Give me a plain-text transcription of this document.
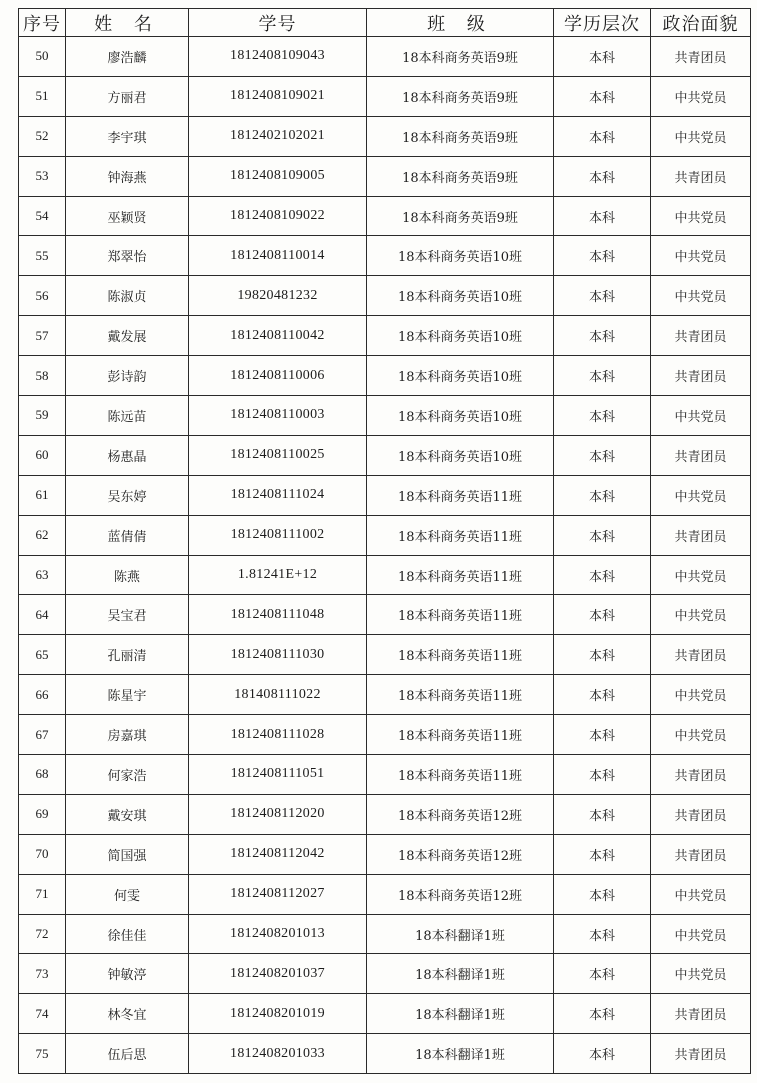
序号	姓 名	学号	班 级	学历层次	政治面貌
50	廖浩麟	1812408109043	18本科商务英语9班	本科	共青团员
51	方丽君	1812408109021	18本科商务英语9班	本科	中共党员
52	李宇琪	1812402102021	18本科商务英语9班	本科	中共党员
53	钟海燕	1812408109005	18本科商务英语9班	本科	共青团员
54	巫颖贤	1812408109022	18本科商务英语9班	本科	中共党员
55	郑翠怡	1812408110014	18本科商务英语10班	本科	中共党员
56	陈淑贞	19820481232	18本科商务英语10班	本科	中共党员
57	戴发展	1812408110042	18本科商务英语10班	本科	共青团员
58	彭诗韵	1812408110006	18本科商务英语10班	本科	共青团员
59	陈远苗	1812408110003	18本科商务英语10班	本科	中共党员
60	杨惠晶	1812408110025	18本科商务英语10班	本科	共青团员
61	吴东婷	1812408111024	18本科商务英语11班	本科	中共党员
62	蓝倩倩	1812408111002	18本科商务英语11班	本科	共青团员
63	陈燕	1.81241E+12	18本科商务英语11班	本科	中共党员
64	吴宝君	1812408111048	18本科商务英语11班	本科	中共党员
65	孔丽清	1812408111030	18本科商务英语11班	本科	共青团员
66	陈星宇	181408111022	18本科商务英语11班	本科	中共党员
67	房嘉琪	1812408111028	18本科商务英语11班	本科	中共党员
68	何家浩	1812408111051	18本科商务英语11班	本科	共青团员
69	戴安琪	1812408112020	18本科商务英语12班	本科	共青团员
70	简国强	1812408112042	18本科商务英语12班	本科	共青团员
71	何雯	1812408112027	18本科商务英语12班	本科	中共党员
72	徐佳佳	1812408201013	18本科翻译1班	本科	中共党员
73	钟敏渟	1812408201037	18本科翻译1班	本科	中共党员
74	林冬宜	1812408201019	18本科翻译1班	本科	共青团员
75	伍后思	1812408201033	18本科翻译1班	本科	共青团员
